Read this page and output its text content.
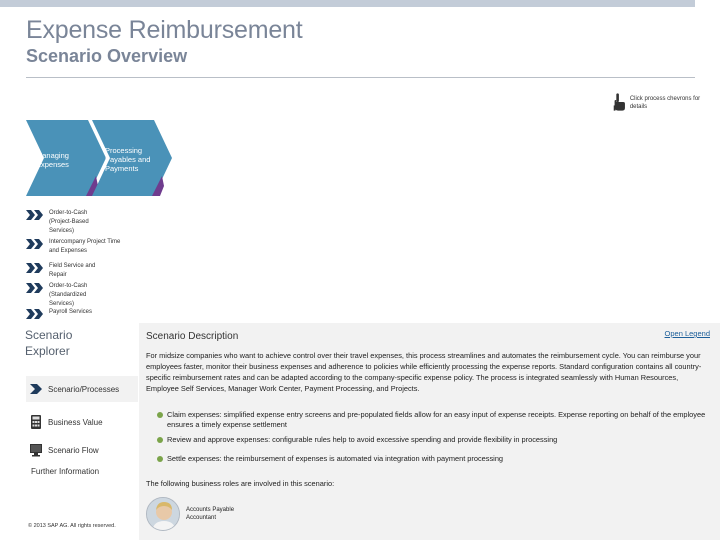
Expense Reimbursement
Scenario Overview
Click process chevrons for details
Managing Expenses
Processing Payables and Payments
Order-to-Cash (Project-Based Services)
Intercompany Project Time and Expenses
Field Service and Repair
Order-to-Cash (Standardized Services)
Payroll Services
Scenario Explorer
Scenario/Processes
Business Value
Scenario Flow
Further Information
© 2013 SAP AG. All rights reserved.
Scenario Description	Open Legend
For midsize companies who want to achieve control over their travel expenses, this process streamlines and automates the reimbursement cycle. You can reimburse your employees faster, monitor their business expenses and adherence to policies while efficiently processing the expense reports. Standard configuration contains all country-specific reimbursement rates and can be adapted according to the company-specific expense policy. The process is integrated seamlessly with Human Resources, Employee Self Services, Manager Work Center, Payment Processing, and Projects.
Claim expenses: simplified expense entry screens and pre-populated fields allow for an easy input of expense receipts. Expense reporting on behalf of the employee ensures a timely expense settlement
Review and approve expenses: configurable rules help to avoid excessive spending and provide flexibility in processing
Settle expenses: the reimbursement of expenses is automated via integration with payment processing
The following business roles are involved in this scenario:
Accounts Payable Accountant
